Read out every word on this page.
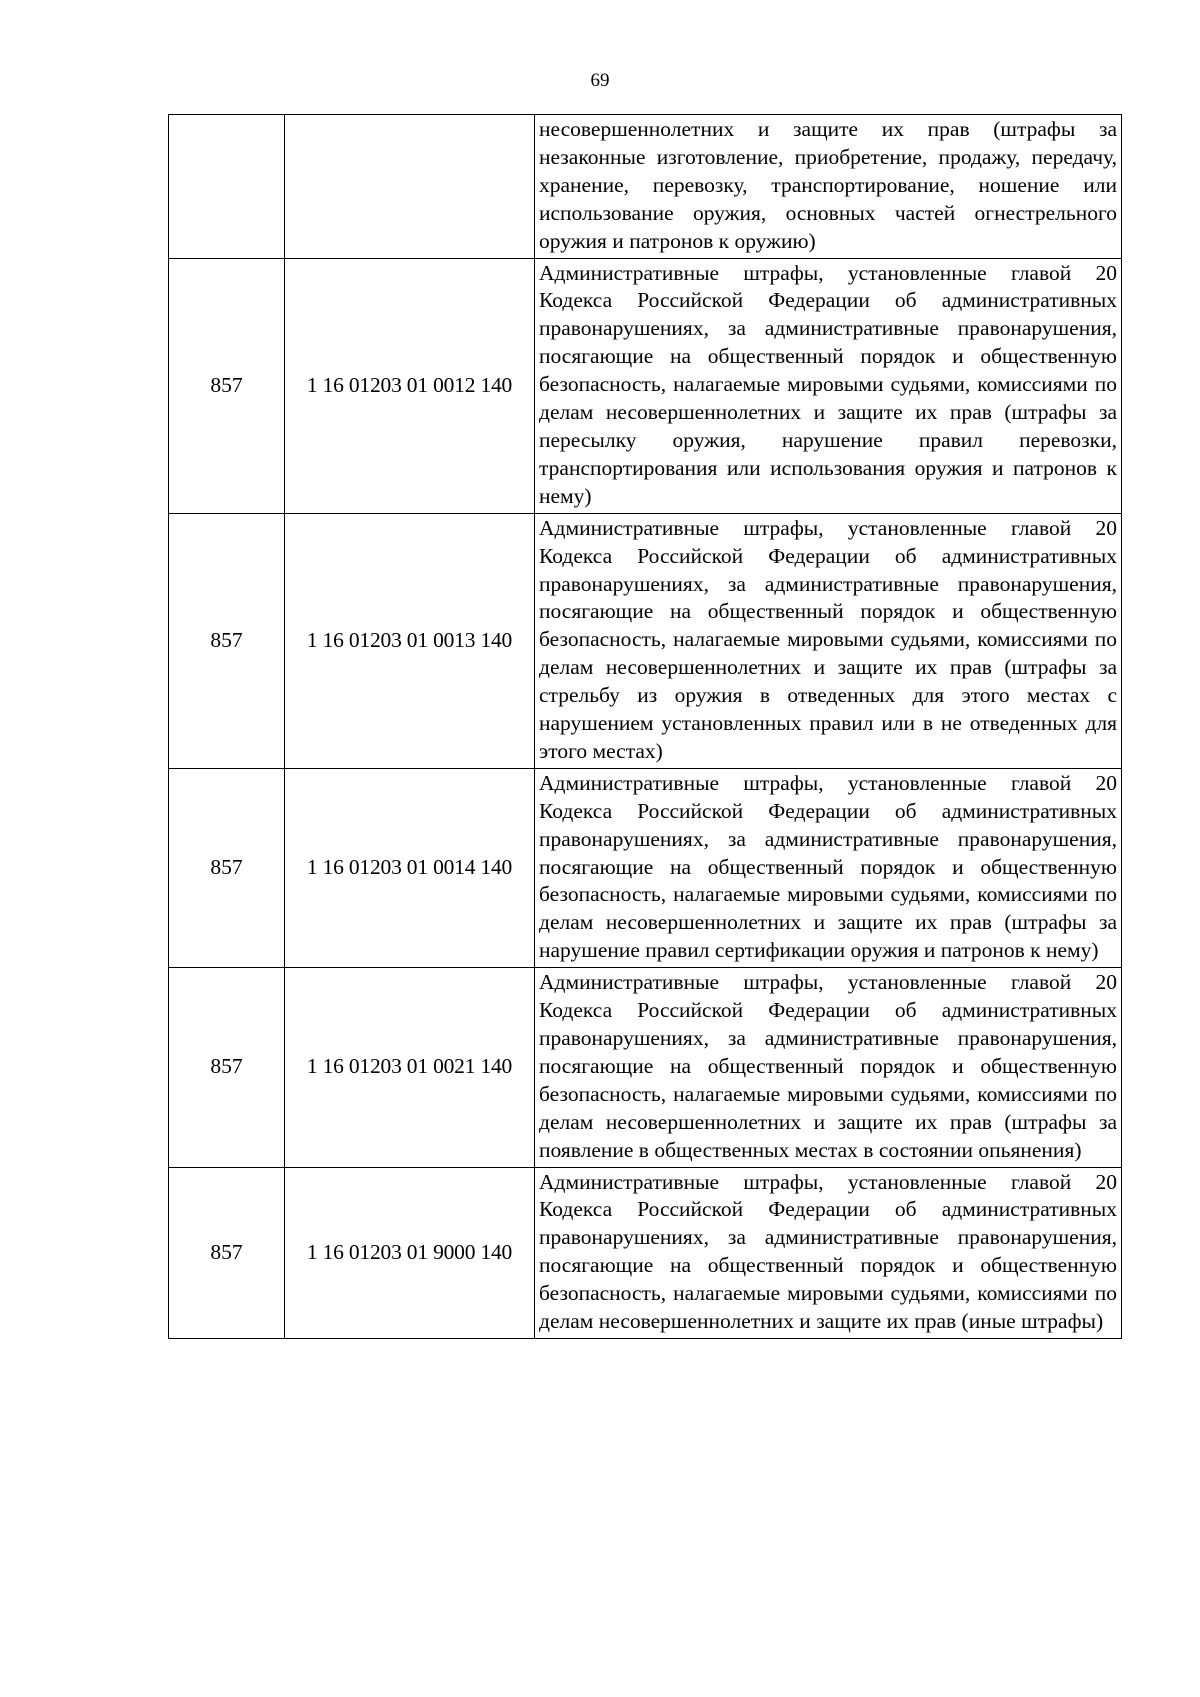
69
		несовершеннолетних и защите их прав (штрафы за незаконные изготовление, приобретение, продажу, передачу, хранение, перевозку, транспортирование, ношение или использование оружия, основных частей огнестрельного оружия и патронов к оружию)
857	1 16 01203 01 0012 140	Административные штрафы, установленные главой 20 Кодекса Российской Федерации об административных правонарушениях, за административные правонарушения, посягающие на общественный порядок и общественную безопасность, налагаемые мировыми судьями, комиссиями по делам несовершеннолетних и защите их прав (штрафы за пересылку оружия, нарушение правил перевозки, транспортирования или использования оружия и патронов к нему)
857	1 16 01203 01 0013 140	Административные штрафы, установленные главой 20 Кодекса Российской Федерации об административных правонарушениях, за административные правонарушения, посягающие на общественный порядок и общественную безопасность, налагаемые мировыми судьями, комиссиями по делам несовершеннолетних и защите их прав (штрафы за стрельбу из оружия в отведенных для этого местах с нарушением установленных правил или в не отведенных для этого местах)
857	1 16 01203 01 0014 140	Административные штрафы, установленные главой 20 Кодекса Российской Федерации об административных правонарушениях, за административные правонарушения, посягающие на общественный порядок и общественную безопасность, налагаемые мировыми судьями, комиссиями по делам несовершеннолетних и защите их прав (штрафы за нарушение правил сертификации оружия и патронов к нему)
857	1 16 01203 01 0021 140	Административные штрафы, установленные главой 20 Кодекса Российской Федерации об административных правонарушениях, за административные правонарушения, посягающие на общественный порядок и общественную безопасность, налагаемые мировыми судьями, комиссиями по делам несовершеннолетних и защите их прав (штрафы за появление в общественных местах в состоянии опьянения)
857	1 16 01203 01 9000 140	Административные штрафы, установленные главой 20 Кодекса Российской Федерации об административных правонарушениях, за административные правонарушения, посягающие на общественный порядок и общественную безопасность, налагаемые мировыми судьями, комиссиями по делам несовершеннолетних и защите их прав (иные штрафы)
